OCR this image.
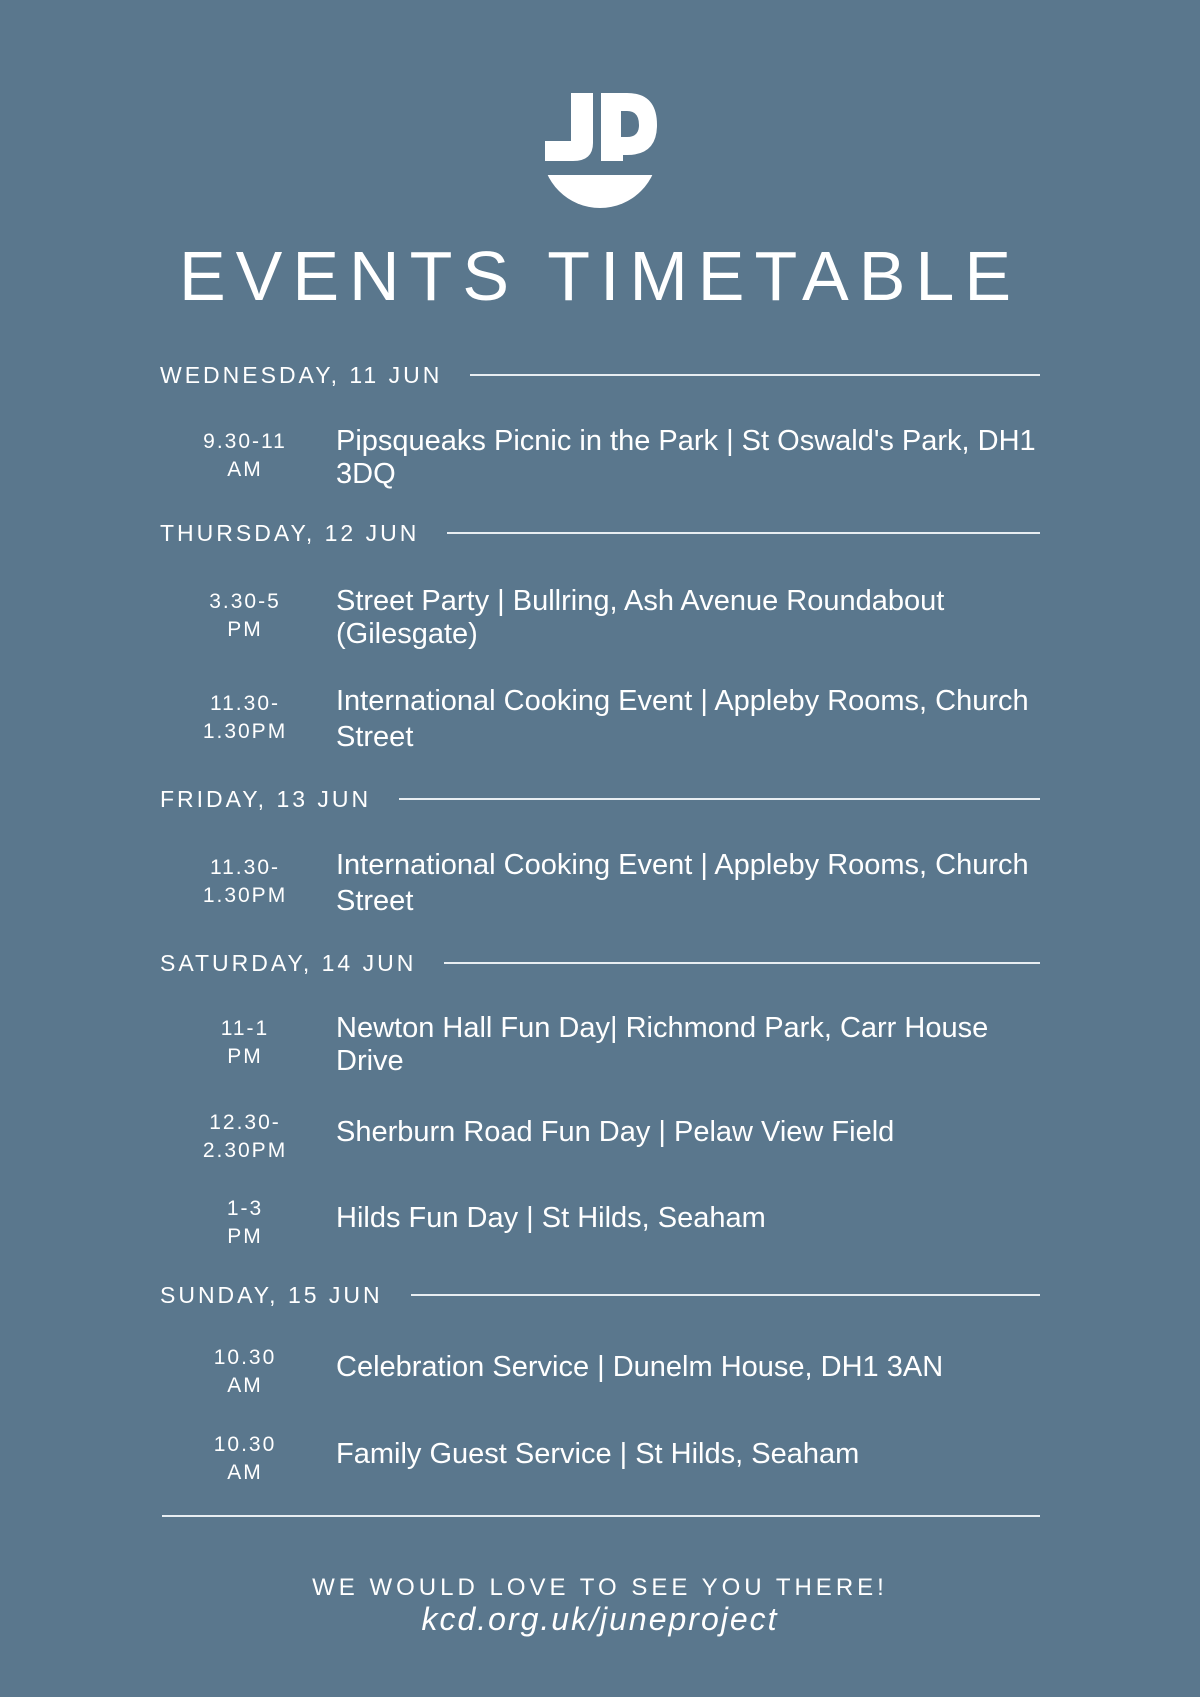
EVENTS TIMETABLE
WEDNESDAY, 11 JUN
9.30-11
AM
Pipsqueaks Picnic in the Park | St Oswald's Park, DH1 3DQ
THURSDAY, 12 JUN
3.30-5
PM
Street Party | Bullring, Ash Avenue Roundabout (Gilesgate)
11.30-
1.30PM
International Cooking Event | Appleby Rooms, Church Street
FRIDAY, 13 JUN
11.30-
1.30PM
International Cooking Event | Appleby Rooms, Church Street
SATURDAY, 14 JUN
11-1
PM
Newton Hall Fun Day| Richmond Park, Carr House Drive
12.30-
2.30PM
Sherburn Road Fun Day | Pelaw View Field
1-3
PM
Hilds Fun Day | St Hilds, Seaham
SUNDAY, 15 JUN
10.30
AM
Celebration Service | Dunelm House, DH1 3AN
10.30
AM
Family Guest Service | St Hilds, Seaham
WE WOULD LOVE TO SEE YOU THERE!
kcd.org.uk/juneproject
